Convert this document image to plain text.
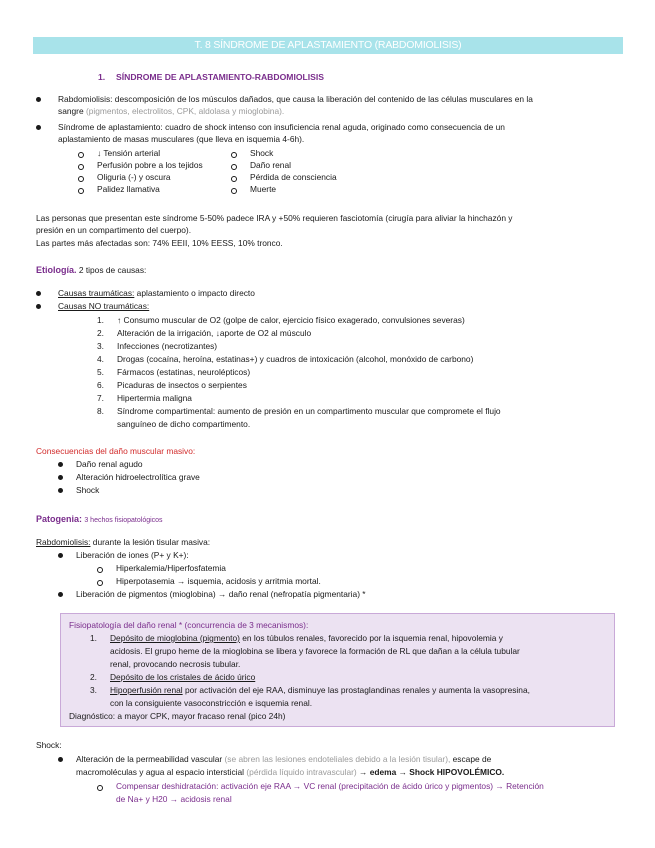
T. 8 SÍNDROME DE APLASTAMIENTO (RABDOMIOLISIS)
1. SÍNDROME DE APLASTAMIENTO-RABDOMIOLISIS
Rabdomiolisis: descomposición de los músculos dañados, que causa la liberación del contenido de las células musculares en la
sangre (pigmentos, electrolitos, CPK, aldolasa y mioglobina).
Síndrome de aplastamiento: cuadro de shock intenso con insuficiencia renal aguda, originado como consecuencia de un
aplastamiento de masas musculares (que lleva en isquemia 4-6h).
↓ Tensión arterial
Perfusión pobre a los tejidos
Oliguria (-) y oscura
Palidez llamativa
Shock
Daño renal
Pérdida de consciencia
Muerte
Las personas que presentan este síndrome 5-50% padece IRA y +50% requieren fasciotomía (cirugía para aliviar la hinchazón y
presión en un compartimento del cuerpo).
Las partes más afectadas son: 74% EEII, 10% EESS, 10% tronco.
Etiología. 2 tipos de causas:
Causas traumáticas: aplastamiento o impacto directo
Causas NO traumáticas:
1. ↑ Consumo muscular de O2 (golpe de calor, ejercicio físico exagerado, convulsiones severas)
2. Alteración de la irrigación, ↓aporte de O2 al músculo
3. Infecciones (necrotizantes)
4. Drogas (cocaína, heroína, estatinas+) y cuadros de intoxicación (alcohol, monóxido de carbono)
5. Fármacos (estatinas, neurolépticos)
6. Picaduras de insectos o serpientes
7. Hipertermia maligna
8. Síndrome compartimental: aumento de presión en un compartimento muscular que compromete el flujo
sanguíneo de dicho compartimento.
Consecuencias del daño muscular masivo:
Daño renal agudo
Alteración hidroelectrolítica grave
Shock
Patogenia: 3 hechos fisiopatológicos
Rabdomiolisis: durante la lesión tisular masiva:
Liberación de iones (P+ y K+):
Hiperkalemia/Hiperfosfatemia
Hiperpotasemia → isquemia, acidosis y arritmia mortal.
Liberación de pigmentos (mioglobina) → daño renal (nefropatía pigmentaria) *
Fisiopatología del daño renal * (concurrencia de 3 mecanismos):
1. Depósito de mioglobina (pigmento) en los túbulos renales, favorecido por la isquemia renal, hipovolemia y
acidosis. El grupo heme de la mioglobina se libera y favorece la formación de RL que dañan a la célula tubular
renal, provocando necrosis tubular.
2. Depósito de los cristales de ácido úrico
3. Hipoperfusión renal por activación del eje RAA, disminuye las prostaglandinas renales y aumenta la vasopresina,
con la consiguiente vasoconstricción e isquemia renal.
Diagnóstico: a mayor CPK, mayor fracaso renal (pico 24h)
Shock:
Alteración de la permeabilidad vascular (se abren las lesiones endoteliales debido a la lesión tisular), escape de
macromoléculas y agua al espacio intersticial (pérdida líquido intravascular) → edema → Shock HIPOVOLÉMICO.
Compensar deshidratación: activación eje RAA → VC renal (precipitación de ácido úrico y pigmentos) → Retención
de Na+ y H20 → acidosis renal
